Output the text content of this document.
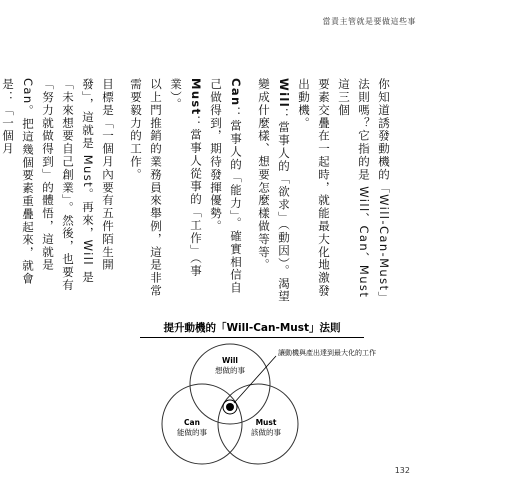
當責主管就是要做這些事

你知道誘發動機的「Will-Can-Must」法則嗎？它指的是 Will、Can、Must 這三個
要素交疊在一起時，就能最大化地激發出動機。

Will：當事人的「欲求」（動因）。渴望變成什麼樣、想要怎麼樣做等等。

Can：當事人的「能力」。確實相信自己做得到，期待發揮優勢。

Must：當事人從事的「工作」（事業）。

以上門推銷的業務員來舉例，這是非常需要毅力的工作。

目標是「一個月內要有五件陌生開發」，這就是 Must。再來，Will 是「未來想要自己創業」。然後，也要有「努力就做得到」的體悟，這就是 Can。把這幾個要素重疊起來，就會是：「一個月

提升動機的「Will-Can-Must」法則
Will
想做的事
Can
能做的事
Must
該做的事
讓動機與產出達到最大化的工作
132
